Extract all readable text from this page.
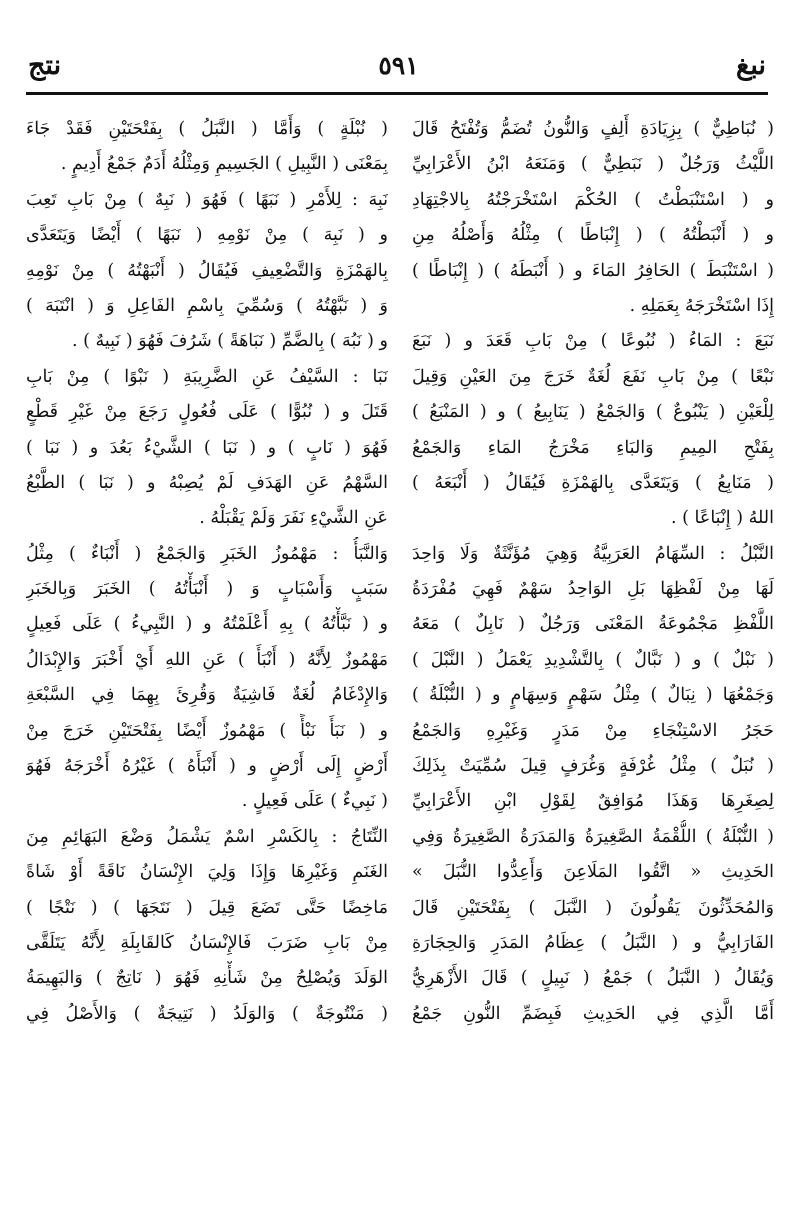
نبغ
٥٩١
نتج
( نُبَاطِيٌّ ) بِزِيَادَةِ أَلِفٍ وَالنُّونُ تُضَمُّ وَتُفْتَحُ قَالَ
اللَّيْثُ وَرَجُلٌ ( نَبَطِيٌّ ) وَمَنَعَهُ ابْنُ الأَعْرَابِيِّ
و ( اسْتَنْبَطْتُ ) الحُكْمَ اسْتَخْرَجْتُهُ بِالاجْتِهَادِ
و ( أَنْبَطْتُهُ ) ( إِنْبَاطًا ) مِثْلُهُ وَأَصْلُهُ مِنِ
( اسْتَنْبَطَ ) الحَافِرُ المَاءَ و ( أَنْبَطَهُ ) ( إِنْبَاطًا )
إِذَا اسْتَخْرَجَهُ بِعَمَلِهِ .
نَبَعَ : المَاءُ ( نُبُوعًا ) مِنْ بَابِ قَعَدَ و ( نَبَعَ
نَبْعًا ) مِنْ بَابِ نَفَعَ لُغَةٌ خَرَجَ مِنَ العَيْنِ وَقِيلَ
لِلْعَيْنِ ( يَنْبُوعٌ ) وَالجَمْعُ ( يَنَابِيعُ ) و ( المَنْبَعُ )
بِفَتْحِ المِيمِ وَالبَاءِ مَخْرَجُ المَاءِ وَالجَمْعُ
( مَنَابِعُ ) وَيَتَعَدَّى بِالهَمْزَةِ فَيُقَالُ ( أَنْبَعَهُ )
اللهُ ( إِنْبَاعًا ) .
النَّبْلُ : السِّهَامُ العَرَبِيَّةُ وَهِيَ مُؤَنَّثَةٌ وَلَا وَاحِدَ
لَهَا مِنْ لَفْظِهَا بَلِ الوَاحِدُ سَهْمٌ فَهِيَ مُفْرَدَةُ
اللَّفْظِ مَجْمُوعَةُ المَعْنَى وَرَجُلٌ ( نَابِلٌ ) مَعَهُ
( نَبْلٌ ) و ( نَبَّالٌ ) بِالتَّشْدِيدِ يَعْمَلُ ( النَّبْلَ )
وَجَمْعُهَا ( نِبَالٌ ) مِثْلُ سَهْمٍ وَسِهَامٍ و ( النُّبْلَةُ )
حَجَرُ الاسْتِنْجَاءِ مِنْ مَدَرٍ وَغَيْرِهِ وَالجَمْعُ
( نُبَلٌ ) مِثْلُ غُرْفَةٍ وَغُرَفٍ قِيلَ سُمِّيَتْ بِذَلِكَ
لِصِغَرِهَا وَهَذَا مُوَافِقٌ لِقَوْلِ ابْنِ الأَعْرَابِيِّ
( النُّبْلَةُ ) اللُّقْمَةُ الصَّغِيرَةُ وَالمَدَرَةُ الصَّغِيرَةُ وَفِي
الحَدِيثِ « اتَّقُوا المَلَاعِنَ وَأَعِدُّوا النُّبَلَ »
وَالمُحَدِّثُونَ يَقُولُونَ ( النَّبَلَ ) بِفَتْحَتَيْنِ قَالَ
الفَارَابِيُّ و ( النَّبَلُ ) عِظَامُ المَدَرِ وَالحِجَارَةِ
وَيُقَالُ ( النَّبَلُ ) جَمْعُ ( نَبِيلٍ ) قَالَ الأَزْهَرِيُّ
أَمَّا الَّذِي فِي الحَدِيثِ فَبِضَمِّ النُّونِ جَمْعُ
( نُبْلَةٍ ) وَأَمَّا ( النَّبَلُ ) بِفَتْحَتَيْنِ فَقَدْ جَاءَ
بِمَعْنَى ( النَّبِيلِ ) الجَسِيمِ وَمِثْلُهُ أَدَمٌ جَمْعُ أَدِيمٍ .
نَبِهَ : لِلأَمْرِ ( نَبَهًا ) فَهُوَ ( نَبِهٌ ) مِنْ بَابِ تَعِبَ
و ( نَبِهَ ) مِنْ نَوْمِهِ ( نَبَهًا ) أَيْضًا وَيَتَعَدَّى
بِالهَمْزَةِ وَالتَّضْعِيفِ فَيُقَالُ ( أَنْبَهْتُهُ ) مِنْ نَوْمِهِ
وَ ( نَبَّهْتُهُ ) وَسُمِّيَ بِاسْمِ الفَاعِلِ وَ ( انْتَبَهَ )
و ( نَبُهَ ) بِالضَّمِّ ( نَبَاهَةً ) شَرُفَ فَهُوَ ( نَبِيهٌ ) .
نَبَا : السَّيْفُ عَنِ الضَّرِيبَةِ ( نَبْوًا ) مِنْ بَابِ
قَتَلَ و ( نُبُوًّا ) عَلَى فُعُولٍ رَجَعَ مِنْ غَيْرِ قَطْعٍ
فَهُوَ ( نَابٍ ) و ( نَبَا ) الشَّيْءُ بَعُدَ و ( نَبَا )
السَّهْمُ عَنِ الهَدَفِ لَمْ يُصِبْهُ و ( نَبَا ) الطَّبْعُ
عَنِ الشَّيْءِ نَفَرَ وَلَمْ يَقْبَلْهُ .
وَالنَّبَأُ : مَهْمُوزُ الخَبَرِ وَالجَمْعُ ( أَنْبَاءٌ ) مِثْلُ
سَبَبٍ وَأَسْبَابٍ وَ ( أَنْبَأْتُهُ ) الخَبَرَ وَبِالخَبَرِ
و ( نَبَّأْتُهُ ) بِهِ أَعْلَمْتُهُ و ( النَّبِيءُ ) عَلَى فَعِيلٍ
مَهْمُوزٌ لِأَنَّهُ ( أَنْبَأَ ) عَنِ اللهِ أَيْ أَخْبَرَ وَالإِبْدَالُ
وَالإِدْغَامُ لُغَةٌ فَاشِيَةٌ وَقُرِئَ بِهِمَا فِي السَّبْعَةِ
و ( نَبَأَ نَبْأً ) مَهْمُوزٌ أَيْضًا بِفَتْحَتَيْنِ خَرَجَ مِنْ
أَرْضٍ إِلَى أَرْضٍ و ( أَنْبَأَهُ ) غَيْرُهُ أَخْرَجَهُ فَهُوَ
( نَبِيءٌ ) عَلَى فَعِيلٍ .
النِّتَاجُ : بِالكَسْرِ اسْمٌ يَشْمَلُ وَضْعَ البَهَائِمِ مِنَ
الغَنَمِ وَغَيْرِهَا وَإِذَا وَلِيَ الإِنْسَانُ نَاقَةً أَوْ شَاةً
مَاخِضًا حَتَّى تَضَعَ قِيلَ ( نَتَجَهَا ) ( نَتْجًا )
مِنْ بَابِ ضَرَبَ فَالإِنْسَانُ كَالقَابِلَةِ لِأَنَّهُ يَتَلَقَّى
الوَلَدَ وَيُصْلِحُ مِنْ شَأْنِهِ فَهُوَ ( نَاتِجٌ ) وَالبَهِيمَةُ
( مَنْتُوجَةٌ ) وَالوَلَدُ ( نَتِيجَةٌ ) وَالأَصْلُ فِي
